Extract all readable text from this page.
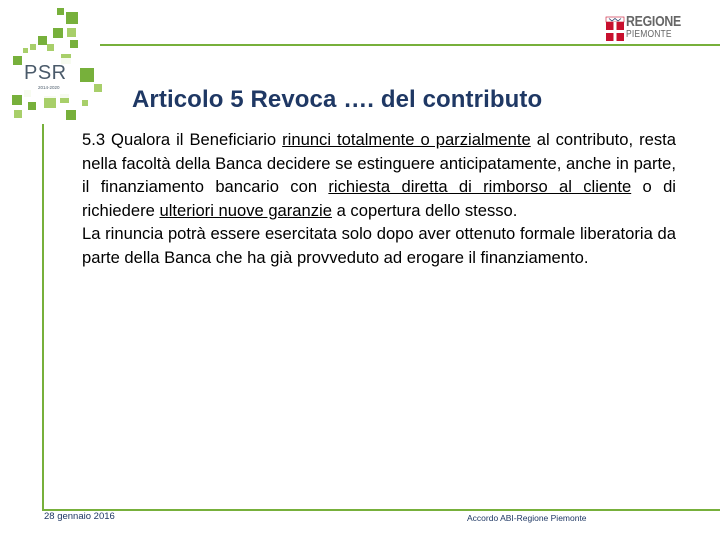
PSR
2014-2020
REGIONE
PIEMONTE
Articolo 5 Revoca …. del contributo

5.3 Qualora il Beneficiario rinunci totalmente o parzialmente al contributo, resta nella facoltà della Banca decidere se estinguere anticipatamente, anche in parte, il finanziamento bancario con richiesta diretta di rimborso al cliente o di richiedere ulteriori nuove garanzie a copertura dello stesso.

La rinuncia potrà essere esercitata solo dopo aver ottenuto formale liberatoria da parte della Banca che ha già provveduto ad erogare il finanziamento.

28 gennaio 2016	Accordo ABI-Regione Piemonte
